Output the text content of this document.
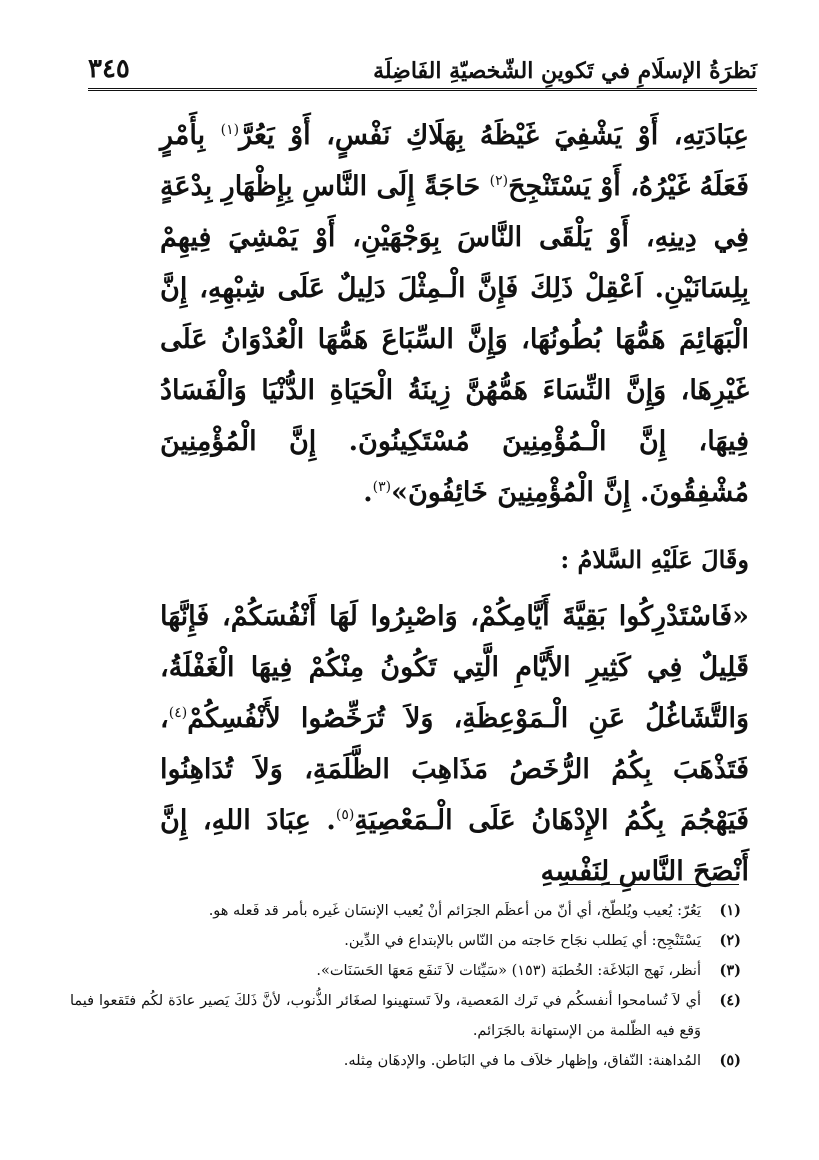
نَظرَةُ الإسلَامِ في تَكوينِ الشّخصيّةِ الفَاضِلَة
٣٤٥

عِبَادَتِهِ، أَوْ يَشْفِيَ غَيْظَهُ بِهَلَاكِ نَفْسٍ، أَوْ يَعُرَّ$^{(١)}$ بِأَمْرٍ فَعَلَهُ غَيْرُهُ، أَوْ يَسْتَنْجِحَ$^{(٢)}$ حَاجَةً إِلَى النَّاسِ بِإِظْهَارِ بِدْعَةٍ فِي دِينِهِ، أَوْ يَلْقَى النَّاسَ بِوَجْهَيْنِ، أَوْ يَمْشِيَ فِيهِمْ بِلِسَانَيْنِ. اَعْقِلْ ذَلِكَ فَإِنَّ الْـمِثْلَ دَلِيلٌ عَلَى شِبْهِهِ، إِنَّ الْبَهَائِمَ هَمُّهَا بُطُونُهَا، وَإِنَّ السِّبَاعَ هَمُّهَا الْعُدْوَانُ عَلَى غَيْرِهَا، وَإِنَّ النِّسَاءَ هَمُّهُنَّ زِينَةُ الْحَيَاةِ الدُّنْيَا وَالْفَسَادُ فِيهَا، إِنَّ الْـمُؤْمِنِينَ مُسْتَكِينُونَ. إِنَّ الْمُؤْمِنِينَ مُشْفِقُونَ. إِنَّ الْمُؤْمِنِينَ خَائِفُونَ»$^{(٣)}$.

وقَالَ عَلَيْهِ السَّلامُ :

«فَاسْتَدْرِكُوا بَقِيَّةَ أَيَّامِكُمْ، وَاصْبِرُوا لَهَا أَنْفُسَكُمْ، فَإِنَّهَا قَلِيلٌ فِي كَثِيرِ الأَيَّامِ الَّتِي تَكُونُ مِنْكُمْ فِيهَا الْغَفْلَةُ، وَالتَّشَاغُلُ عَنِ الْـمَوْعِظَةِ، وَلاَ تُرَخِّصُوا لأَنْفُسِكُمْ$^{(٤)}$، فَتَذْهَبَ بِكُمُ الرُّخَصُ مَذَاهِبَ الظَّلَمَةِ، وَلاَ تُدَاهِنُوا فَيَهْجُمَ بِكُمُ الإِدْهَانُ عَلَى الْـمَعْصِيَةِ$^{(٥)}$. عِبَادَ اللهِ، إِنَّ أَنْصَحَ النَّاسِ لِنَفْسِهِ

(١)
يَعُرّ: يُعيب ويُلطّخ، أي أنّ من أعظَم الجرَائم أنْ يُعيب الإنسَان غَيره بأمر قد فَعله هو.
(٢)
يَسْتَنْجِح: أي يَطلب نجَاح حَاجته من النّاس بالإبتداع في الدِّين.
(٣)
أنظر، نَهج البَلاغَة: الخُطبَة (١٥٣) «سَيِّئات لاَ تَنفَع مَعهَا الحَسَنَات».
(٤)
أي لاَ تُسامحوا أنفسكُم في تَرك المَعصية، ولاَ تَستهينوا لصغَائر الذُّنوب، لأنَّ ذَلكَ يَصير عادَة لكُم فتَقعوا فيما وَقع فيه الظّلمة من الإستهانة بالجَرَائم.
(٥)
المُداهنة: النّفاق، وإظهار خلاَف ما في البَاطن. والإدهَان مِثله.
